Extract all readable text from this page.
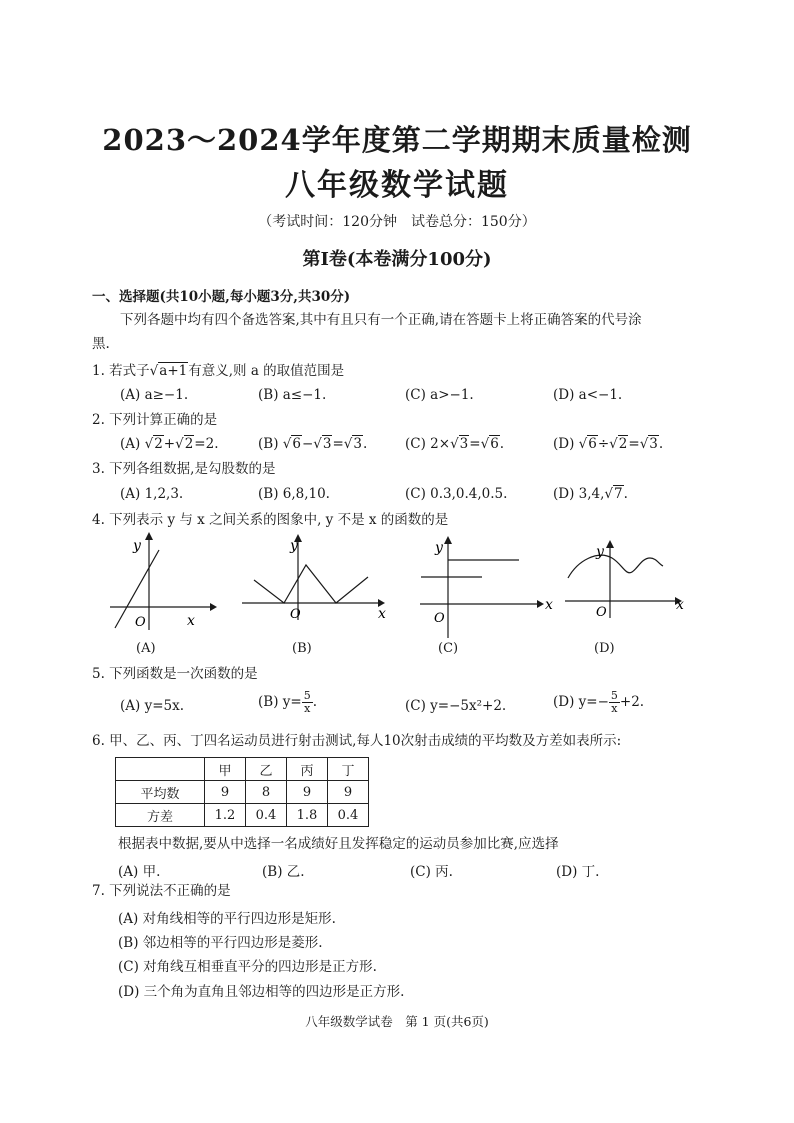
2023～2024学年度第二学期期末质量检测
八年级数学试题
（考试时间：120分钟　试卷总分：150分）
第Ⅰ卷(本卷满分100分)
一、选择题(共10小题,每小题3分,共30分)
下列各题中均有四个备选答案,其中有且只有一个正确,请在答题卡上将正确答案的代号涂
黑.
1. 若式子√a+1有意义,则 a 的取值范围是
(A) a≥−1.	(B) a≤−1.	(C) a>−1.	(D) a<−1.
2. 下列计算正确的是
(A) √2+√2=2.	(B) √6−√3=√3.	(C) 2×√3=√6.	(D) √6÷√2=√3.
3. 下列各组数据,是勾股数的是
(A) 1,2,3.	(B) 6,8,10.	(C) 0.3,0.4,0.5.	(D) 3,4,√7.
4. 下列表示 y 与 x 之间关系的图象中, y 不是 x 的函数的是
x
y
O
(A)
x
y
O
(B)
x
y
O
(C)
x
y
O
(D)
5. 下列函数是一次函数的是
(A) y=5x.	(B) $y= \frac{5}{x}$ .	(C) y=−5x²+2.	(D) $y=- \frac{5}{x} +2$.
6. 甲、乙、丙、丁四名运动员进行射击测试,每人10次射击成绩的平均数及方差如表所示:
	甲	乙	丙	丁
平均数	9	8	9	9
方差	1.2	0.4	1.8	0.4
根据表中数据,要从中选择一名成绩好且发挥稳定的运动员参加比赛,应选择
(A) 甲.	(B) 乙.	(C) 丙.	(D) 丁.
7. 下列说法不正确的是
(A) 对角线相等的平行四边形是矩形.
(B) 邻边相等的平行四边形是菱形.
(C) 对角线互相垂直平分的四边形是正方形.
(D) 三个角为直角且邻边相等的四边形是正方形.
八年级数学试卷　第 1 页(共6页)
